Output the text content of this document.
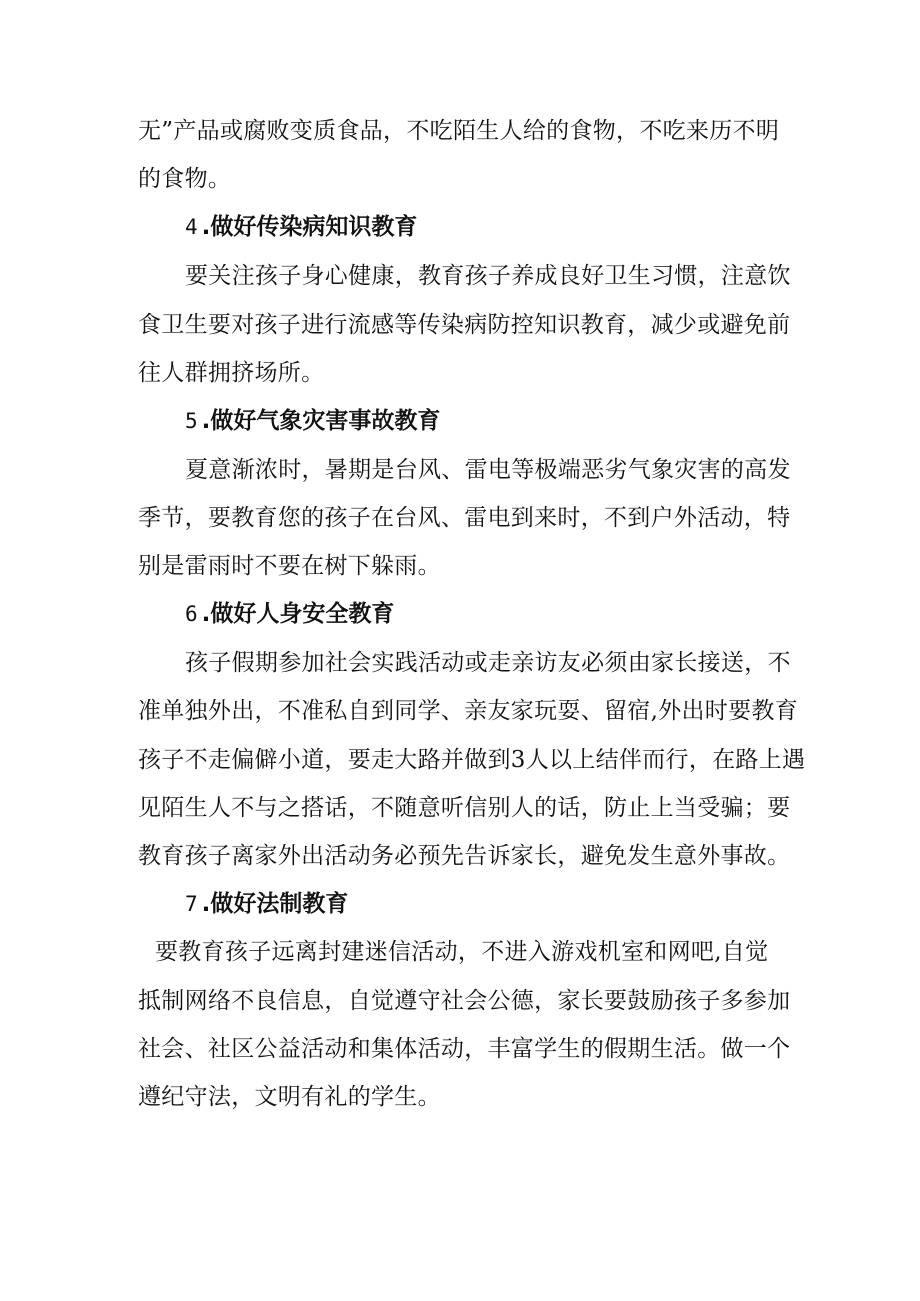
无”产品或腐败变质食品，不吃陌生人给的食物，不吃来历不明
的食物。
4 .做好传染病知识教育
要关注孩子身心健康，教育孩子养成良好卫生习惯，注意饮
食卫生要对孩子进行流感等传染病防控知识教育，减少或避免前
往人群拥挤场所。
5 .做好气象灾害事故教育
夏意渐浓时，暑期是台风、雷电等极端恶劣气象灾害的高发
季节，要教育您的孩子在台风、雷电到来时，不到户外活动，特
别是雷雨时不要在树下躲雨。
6 .做好人身安全教育
孩子假期参加社会实践活动或走亲访友必须由家长接送，不
准单独外出，不准私自到同学、亲友家玩耍、留宿,外出时要教育
孩子不走偏僻小道，要走大路并做到3人以上结伴而行，在路上遇
见陌生人不与之搭话，不随意听信别人的话，防止上当受骗；要
教育孩子离家外出活动务必预先告诉家长，避免发生意外事故。
7 .做好法制教育
要教育孩子远离封建迷信活动，不进入游戏机室和网吧,自觉
抵制网络不良信息，自觉遵守社会公德，家长要鼓励孩子多参加
社会、社区公益活动和集体活动，丰富学生的假期生活。做一个
遵纪守法，文明有礼的学生。
